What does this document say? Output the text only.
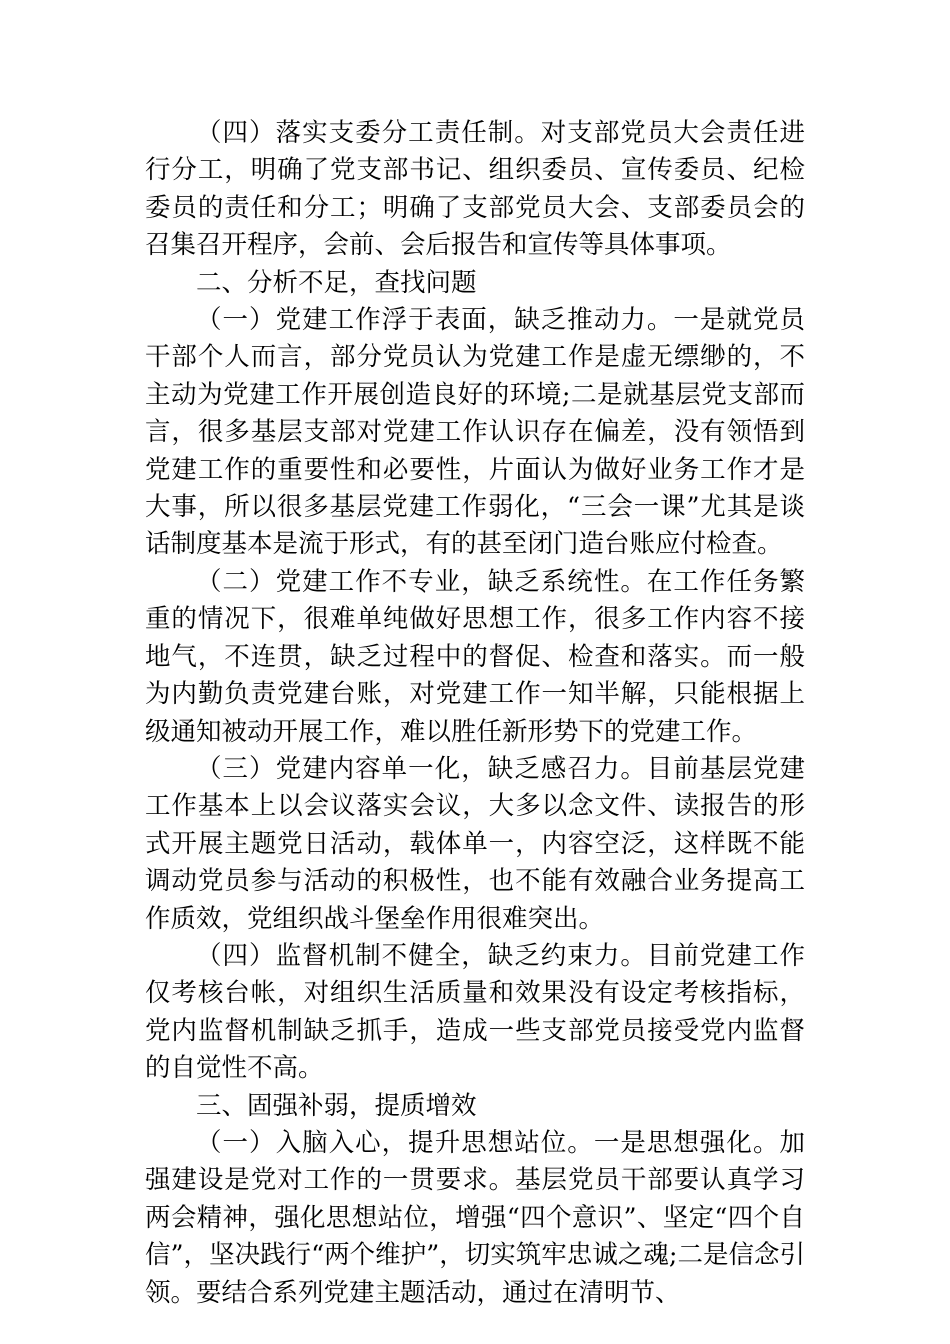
（四）落实支委分工责任制。对支部党员大会责任进行分工，明确了党支部书记、组织委员、宣传委员、纪检委员的责任和分工；明确了支部党员大会、支部委员会的召集召开程序，会前、会后报告和宣传等具体事项。

二、分析不足，查找问题

（一）党建工作浮于表面，缺乏推动力。一是就党员干部个人而言，部分党员认为党建工作是虚无缥缈的，不主动为党建工作开展创造良好的环境;二是就基层党支部而言，很多基层支部对党建工作认识存在偏差，没有领悟到党建工作的重要性和必要性，片面认为做好业务工作才是大事，所以很多基层党建工作弱化，“三会一课”尤其是谈话制度基本是流于形式，有的甚至闭门造台账应付检查。

（二）党建工作不专业，缺乏系统性。在工作任务繁重的情况下，很难单纯做好思想工作，很多工作内容不接地气，不连贯，缺乏过程中的督促、检查和落实。而一般为内勤负责党建台账，对党建工作一知半解，只能根据上级通知被动开展工作，难以胜任新形势下的党建工作。

（三）党建内容单一化，缺乏感召力。目前基层党建工作基本上以会议落实会议，大多以念文件、读报告的形式开展主题党日活动，载体单一，内容空泛，这样既不能调动党员参与活动的积极性，也不能有效融合业务提高工作质效，党组织战斗堡垒作用很难突出。

（四）监督机制不健全，缺乏约束力。目前党建工作仅考核台帐，对组织生活质量和效果没有设定考核指标，党内监督机制缺乏抓手，造成一些支部党员接受党内监督的自觉性不高。

三、固强补弱，提质增效

（一）入脑入心，提升思想站位。一是思想强化。加强建设是党对工作的一贯要求。基层党员干部要认真学习两会精神，强化思想站位，增强“四个意识”、坚定“四个自信”，坚决践行“两个维护”，切实筑牢忠诚之魂;二是信念引领。要结合系列党建主题活动，通过在清明节、
